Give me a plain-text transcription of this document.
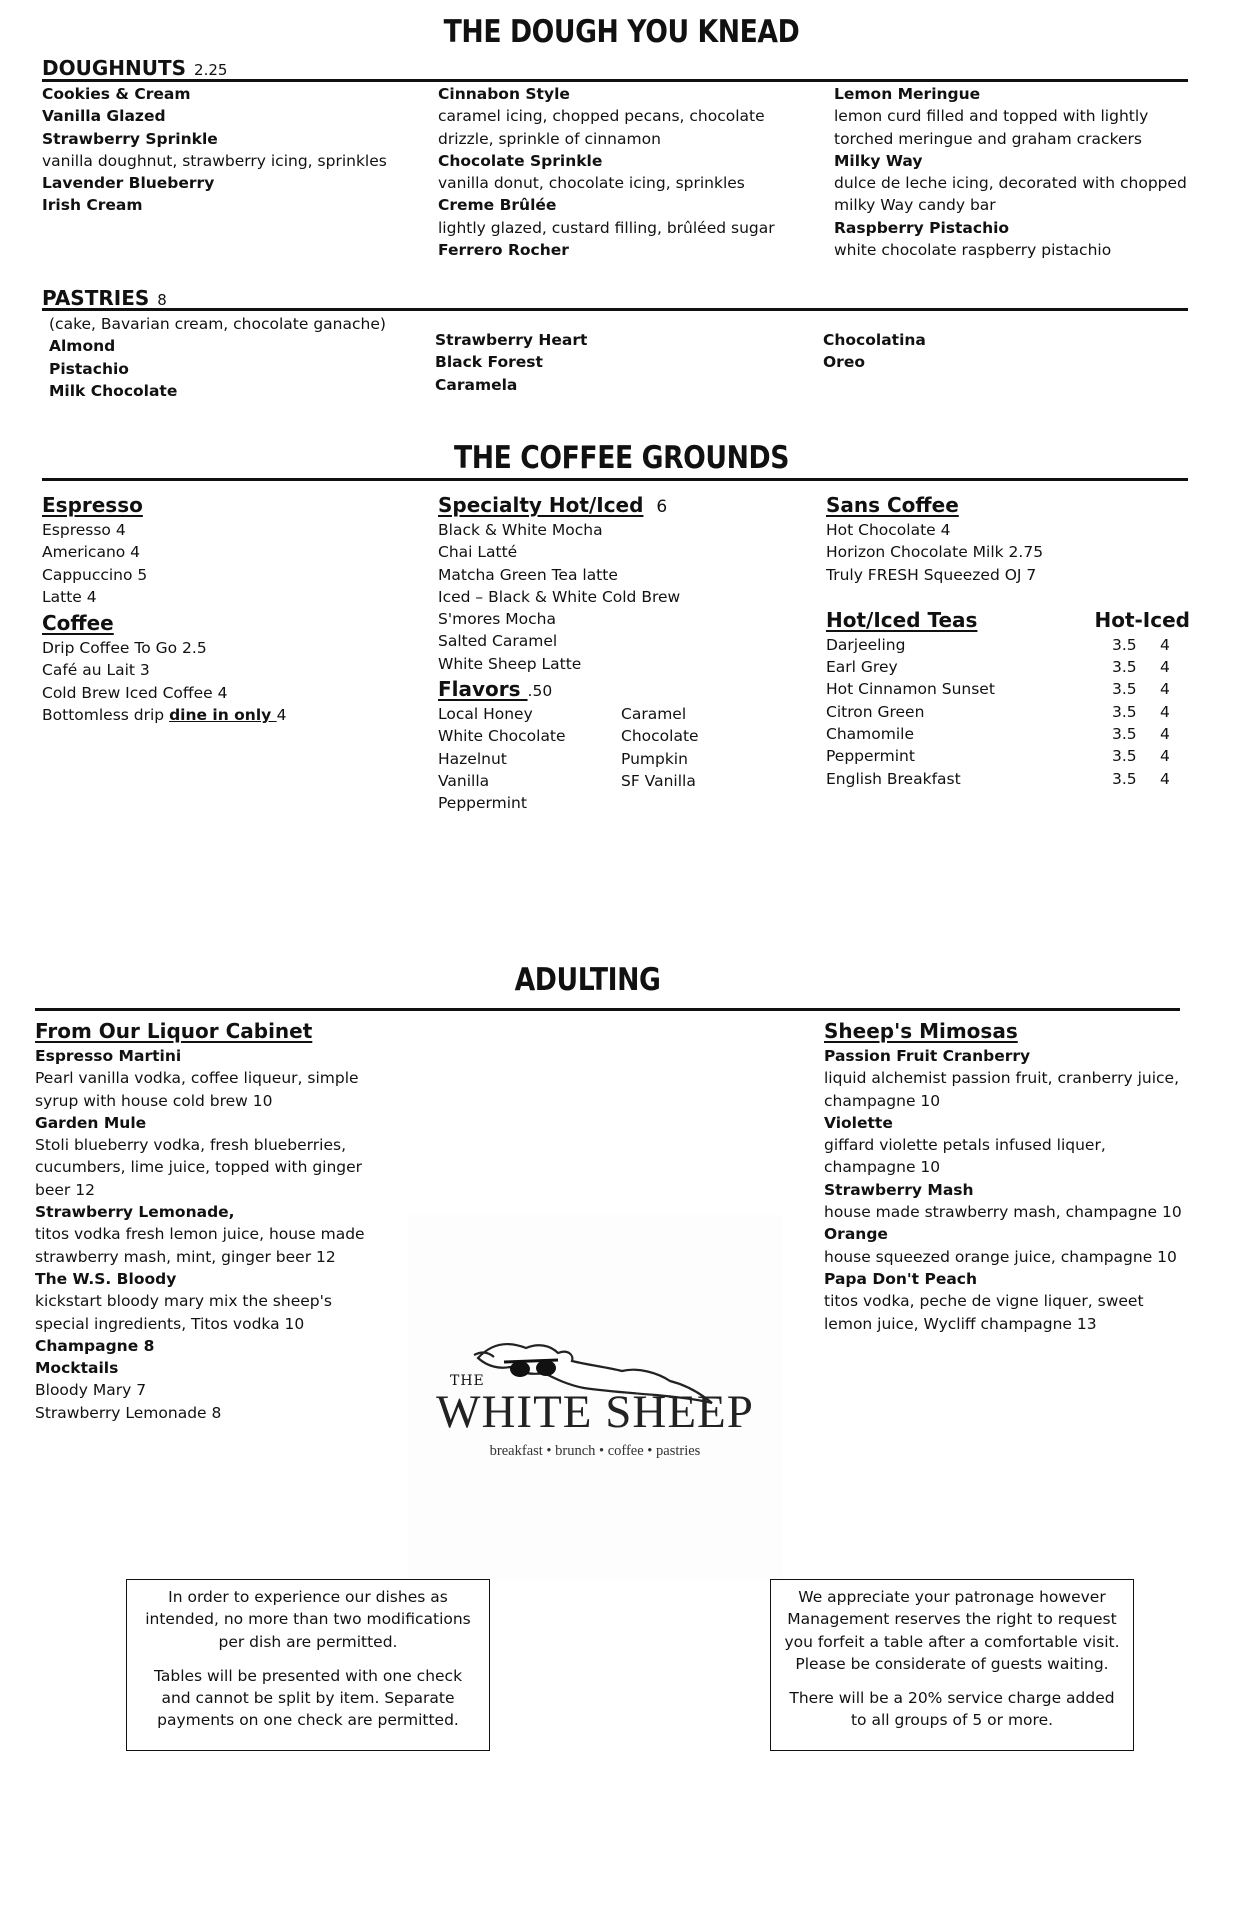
THE DOUGH YOU KNEAD
DOUGHNUTS 2.25
Cookies & Cream
Vanilla Glazed
Strawberry Sprinkle
vanilla doughnut, strawberry icing, sprinkles
Lavender Blueberry
Irish Cream
Cinnabon Style
caramel icing, chopped pecans, chocolate
drizzle, sprinkle of cinnamon
Chocolate Sprinkle
vanilla donut, chocolate icing, sprinkles
Creme Brûlée
lightly glazed, custard filling, brûléed sugar
Ferrero Rocher
Lemon Meringue
lemon curd filled and topped with lightly
torched meringue and graham crackers
Milky Way
dulce de leche icing, decorated with chopped
milky Way candy bar
Raspberry Pistachio
white chocolate raspberry pistachio
PASTRIES 8
(cake, Bavarian cream, chocolate ganache)
Almond
Pistachio
Milk Chocolate
Strawberry Heart
Black Forest
Caramela
Chocolatina
Oreo
THE COFFEE GROUNDS
Espresso
Espresso 4
Americano 4
Cappuccino 5
Latte 4
Coffee
Drip Coffee To Go 2.5
Café au Lait 3
Cold Brew Iced Coffee 4
Bottomless drip dine in only 4
Specialty Hot/Iced 6
Black & White Mocha
Chai Latté
Matcha Green Tea latte
Iced – Black & White Cold Brew
S'mores Mocha
Salted Caramel
White Sheep Latte
Flavors .50
Local Honey
White Chocolate
Hazelnut
Vanilla
Peppermint
Caramel
Chocolate
Pumpkin
SF Vanilla
Sans Coffee
Hot Chocolate 4
Horizon Chocolate Milk 2.75
Truly FRESH Squeezed OJ 7
Hot/Iced Teas	Hot-Iced
Darjeeling	3.5	4
Earl Grey	3.5	4
Hot Cinnamon Sunset	3.5	4
Citron Green	3.5	4
Chamomile	3.5	4
Peppermint	3.5	4
English Breakfast	3.5	4
ADULTING
From Our Liquor Cabinet
Espresso Martini
Pearl vanilla vodka, coffee liqueur, simple
syrup with house cold brew 10
Garden Mule
Stoli blueberry vodka, fresh blueberries,
cucumbers, lime juice, topped with ginger
beer 12
Strawberry Lemonade,
titos vodka fresh lemon juice, house made
strawberry mash, mint, ginger beer 12
The W.S. Bloody
kickstart bloody mary mix the sheep's
special ingredients, Titos vodka 10
Champagne 8
Mocktails
Bloody Mary 7
Strawberry Lemonade 8
Sheep's Mimosas
Passion Fruit Cranberry
liquid alchemist passion fruit, cranberry juice,
champagne 10
Violette
giffard violette petals infused liquer,
champagne 10
Strawberry Mash
house made strawberry mash, champagne 10
Orange
house squeezed orange juice, champagne 10
Papa Don't Peach
titos vodka, peche de vigne liquer, sweet
lemon juice, Wycliff champagne 13
THE
WHITE SHEEP
breakfast • brunch • coffee • pastries

In order to experience our dishes as intended, no more than two modifications per dish are permitted.

Tables will be presented with one check and cannot be split by item. Separate payments on one check are permitted.

We appreciate your patronage however Management reserves the right to request you forfeit a table after a comfortable visit. Please be considerate of guests waiting.

There will be a 20% service charge added to all groups of 5 or more.
